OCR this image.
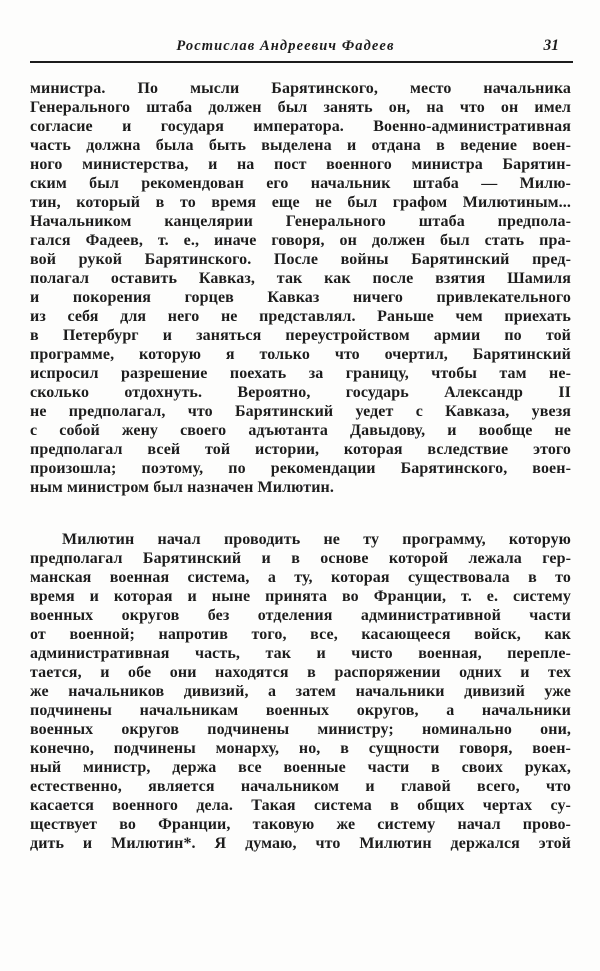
Ростислав Андреевич Фадеев	31
министра. По мысли Барятинского, место начальника
Генерального штаба должен был занять он, на что он имел
согласие и государя императора. Военно-административная
часть должна была быть выделена и отдана в ведение воен-
ного министерства, и на пост военного министра Барятин-
ским был рекомендован его начальник штаба — Милю-
тин, который в то время еще не был графом Милютиным...
Начальником канцелярии Генерального штаба предпола-
гался Фадеев, т. е., иначе говоря, он должен был стать пра-
вой рукой Барятинского. После войны Барятинский пред-
полагал оставить Кавказ, так как после взятия Шамиля
и покорения горцев Кавказ ничего привлекательного
из себя для него не представлял. Раньше чем приехать
в Петербург и заняться переустройством армии по той
программе, которую я только что очертил, Барятинский
испросил разрешение поехать за границу, чтобы там не-
сколько отдохнуть. Вероятно, государь Александр II
не предполагал, что Барятинский уедет с Кавказа, увезя
с собой жену своего адъютанта Давыдову, и вообще не
предполагал всей той истории, которая вследствие этого
произошла; поэтому, по рекомендации Барятинского, воен-
ным министром был назначен Милютин.
Милютин начал проводить не ту программу, которую
предполагал Барятинский и в основе которой лежала гер-
манская военная система, а ту, которая существовала в то
время и которая и ныне принята во Франции, т. е. систему
военных округов без отделения административной части
от военной; напротив того, все, касающееся войск, как
административная часть, так и чисто военная, перепле-
тается, и обе они находятся в распоряжении одних и тех
же начальников дивизий, а затем начальники дивизий уже
подчинены начальникам военных округов, а начальники
военных округов подчинены министру; номинально они,
конечно, подчинены монарху, но, в сущности говоря, воен-
ный министр, держа все военные части в своих руках,
естественно, является начальником и главой всего, что
касается военного дела. Такая система в общих чертах су-
ществует во Франции, таковую же систему начал прово-
дить и Милютин*. Я думаю, что Милютин держался этой
